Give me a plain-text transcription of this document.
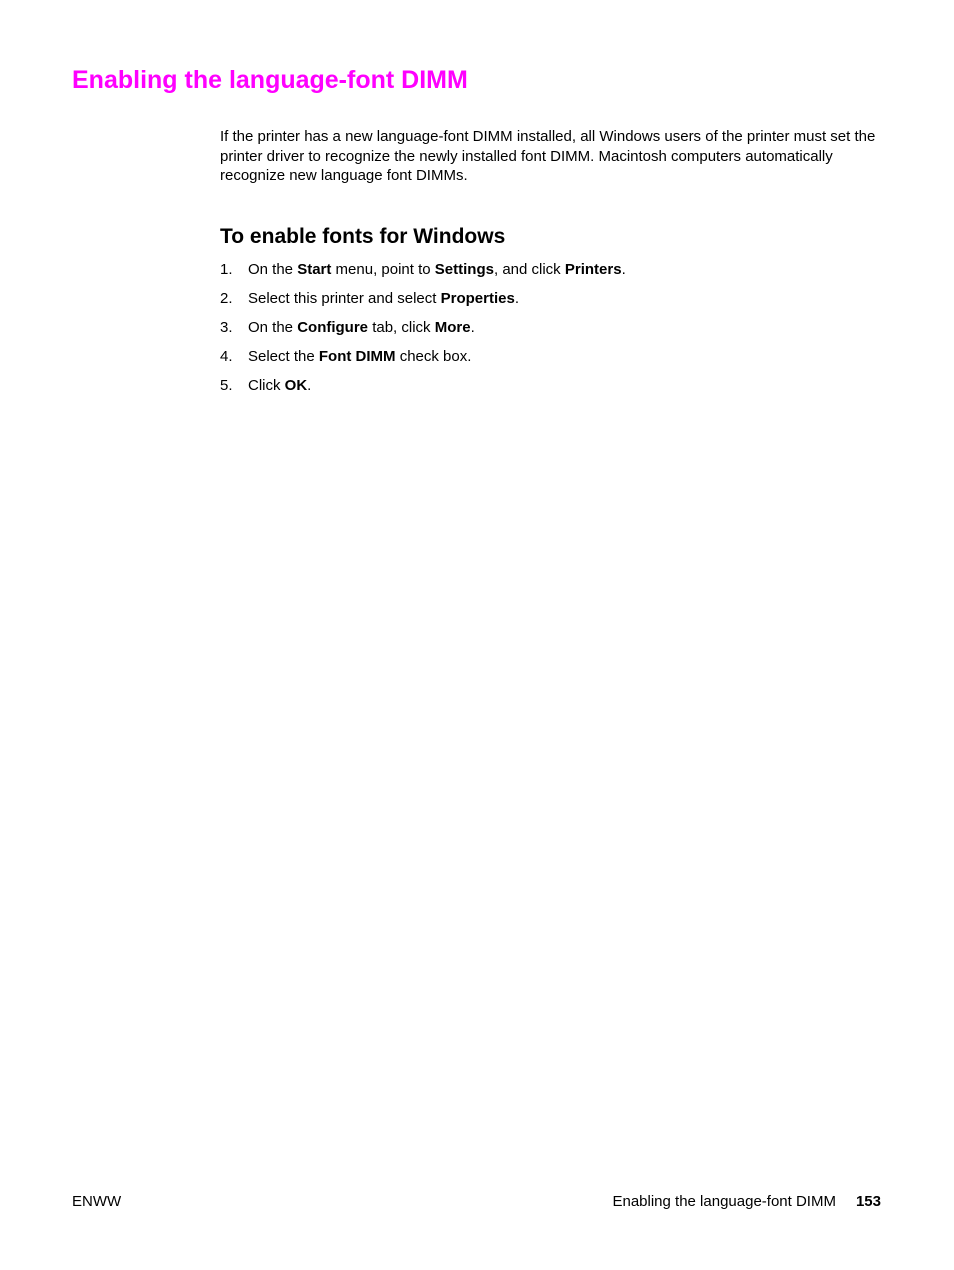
Enabling the language-font DIMM

If the printer has a new language-font DIMM installed, all Windows users of the printer must set the printer driver to recognize the newly installed font DIMM. Macintosh computers automatically recognize new language font DIMMs.

To enable fonts for Windows
1. On the Start menu, point to Settings, and click Printers.
2. Select this printer and select Properties.
3. On the Configure tab, click More.
4. Select the Font DIMM check box.
5. Click OK.
ENWW	Enabling the language-font DIMM 153
